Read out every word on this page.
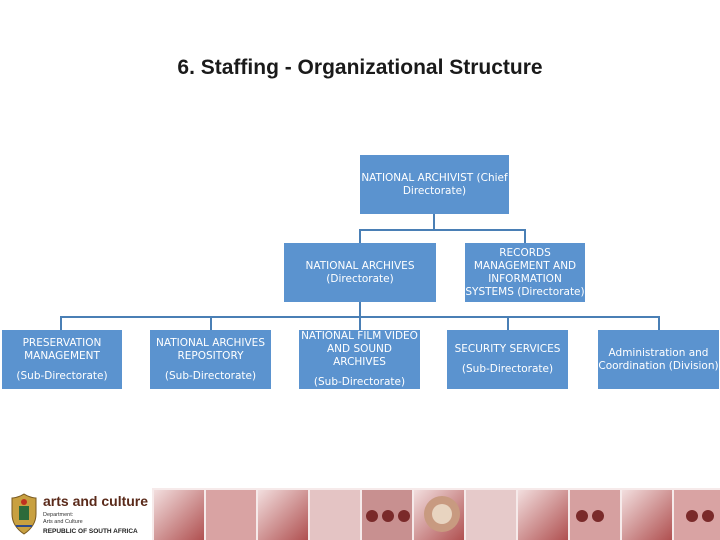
6. Staffing - Organizational Structure
NATIONAL ARCHIVIST (Chief Directorate)
NATIONAL ARCHIVES (Directorate)
RECORDS MANAGEMENT AND INFORMATION SYSTEMS (Directorate)
PRESERVATION MANAGEMENT
(Sub-Directorate)
NATIONAL ARCHIVES REPOSITORY
(Sub-Directorate)
NATIONAL FILM VIDEO AND SOUND ARCHIVES
(Sub-Directorate)
SECURITY SERVICES
(Sub-Directorate)
Administration and Coordination (Division)
arts and culture
Department:
Arts and Culture
REPUBLIC OF SOUTH AFRICA
